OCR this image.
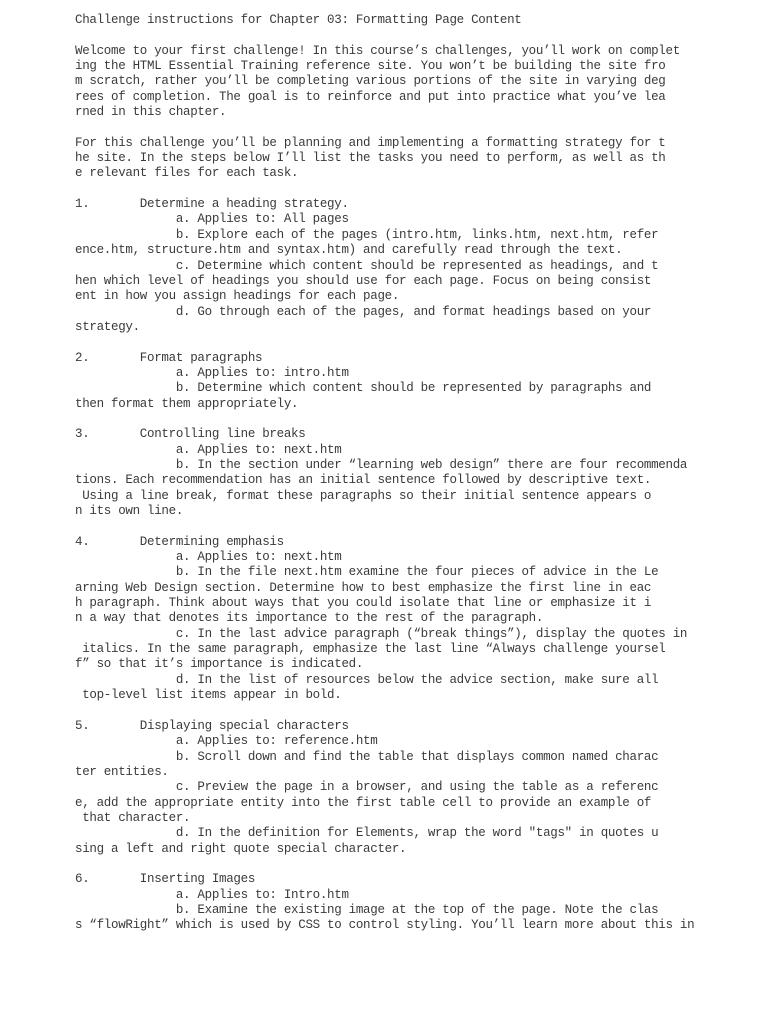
Challenge instructions for Chapter 03: Formatting Page Content
Welcome to your first challenge! In this course’s challenges, you’ll work on complet
ing the HTML Essential Training reference site. You won’t be building the site fro
m scratch, rather you’ll be completing various portions of the site in varying deg
rees of completion. The goal is to reinforce and put into practice what you’ve lea
rned in this chapter.
For this challenge you’ll be planning and implementing a formatting strategy for t
he site. In the steps below I’ll list the tasks you need to perform, as well as th
e relevant files for each task.
1.       Determine a heading strategy.
a. Applies to: All pages
b. Explore each of the pages (intro.htm, links.htm, next.htm, refer
ence.htm, structure.htm and syntax.htm) and carefully read through the text.
c. Determine which content should be represented as headings, and t
hen which level of headings you should use for each page. Focus on being consist
ent in how you assign headings for each page.
d. Go through each of the pages, and format headings based on your
strategy.
2.       Format paragraphs
a. Applies to: intro.htm
b. Determine which content should be represented by paragraphs and
then format them appropriately.
3.       Controlling line breaks
a. Applies to: next.htm
b. In the section under “learning web design” there are four recommenda
tions. Each recommendation has an initial sentence followed by descriptive text.
Using a line break, format these paragraphs so their initial sentence appears o
n its own line.
4.       Determining emphasis
a. Applies to: next.htm
b. In the file next.htm examine the four pieces of advice in the Le
arning Web Design section. Determine how to best emphasize the first line in eac
h paragraph. Think about ways that you could isolate that line or emphasize it i
n a way that denotes its importance to the rest of the paragraph.
c. In the last advice paragraph (“break things”), display the quotes in
italics. In the same paragraph, emphasize the last line “Always challenge yoursel
f” so that it’s importance is indicated.
d. In the list of resources below the advice section, make sure all
top-level list items appear in bold.
5.       Displaying special characters
a. Applies to: reference.htm
b. Scroll down and find the table that displays common named charac
ter entities.
c. Preview the page in a browser, and using the table as a referenc
e, add the appropriate entity into the first table cell to provide an example of
that character.
d. In the definition for Elements, wrap the word "tags" in quotes u
sing a left and right quote special character.
6.       Inserting Images
a. Applies to: Intro.htm
b. Examine the existing image at the top of the page. Note the clas
s “flowRight” which is used by CSS to control styling. You’ll learn more about this in
